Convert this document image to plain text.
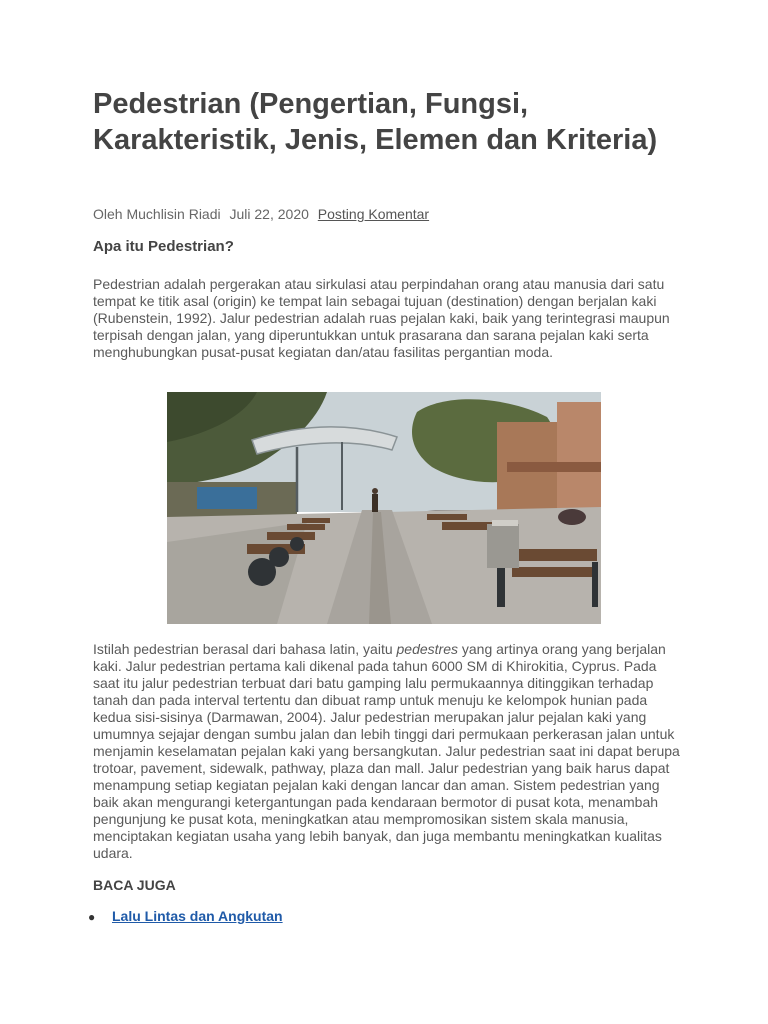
Pedestrian (Pengertian, Fungsi, Karakteristik, Jenis, Elemen dan Kriteria)
Oleh Muchlisin Riadi Juli 22, 2020 Posting Komentar
Apa itu Pedestrian?

Pedestrian adalah pergerakan atau sirkulasi atau perpindahan orang atau manusia dari satu tempat ke titik asal (origin) ke tempat lain sebagai tujuan (destination) dengan berjalan kaki (Rubenstein, 1992). Jalur pedestrian adalah ruas pejalan kaki, baik yang terintegrasi maupun terpisah dengan jalan, yang diperuntukkan untuk prasarana dan sarana pejalan kaki serta menghubungkan pusat-pusat kegiatan dan/atau fasilitas pergantian moda.

Istilah pedestrian berasal dari bahasa latin, yaitu pedestres yang artinya orang yang berjalan kaki. Jalur pedestrian pertama kali dikenal pada tahun 6000 SM di Khirokitia, Cyprus. Pada saat itu jalur pedestrian terbuat dari batu gamping lalu permukaannya ditinggikan terhadap tanah dan pada interval tertentu dan dibuat ramp untuk menuju ke kelompok hunian pada kedua sisi-sisinya (Darmawan, 2004). Jalur pedestrian merupakan jalur pejalan kaki yang umumnya sejajar dengan sumbu jalan dan lebih tinggi dari permukaan perkerasan jalan untuk menjamin keselamatan pejalan kaki yang bersangkutan. Jalur pedestrian saat ini dapat berupa trotoar, pavement, sidewalk, pathway, plaza dan mall. Jalur pedestrian yang baik harus dapat menampung setiap kegiatan pejalan kaki dengan lancar dan aman. Sistem pedestrian yang baik akan mengurangi ketergantungan pada kendaraan bermotor di pusat kota, menambah pengunjung ke pusat kota, meningkatkan atau mempromosikan sistem skala manusia, menciptakan kegiatan usaha yang lebih banyak, dan juga membantu meningkatkan kualitas udara.

BACA JUGA
● Lalu Lintas dan Angkutan
